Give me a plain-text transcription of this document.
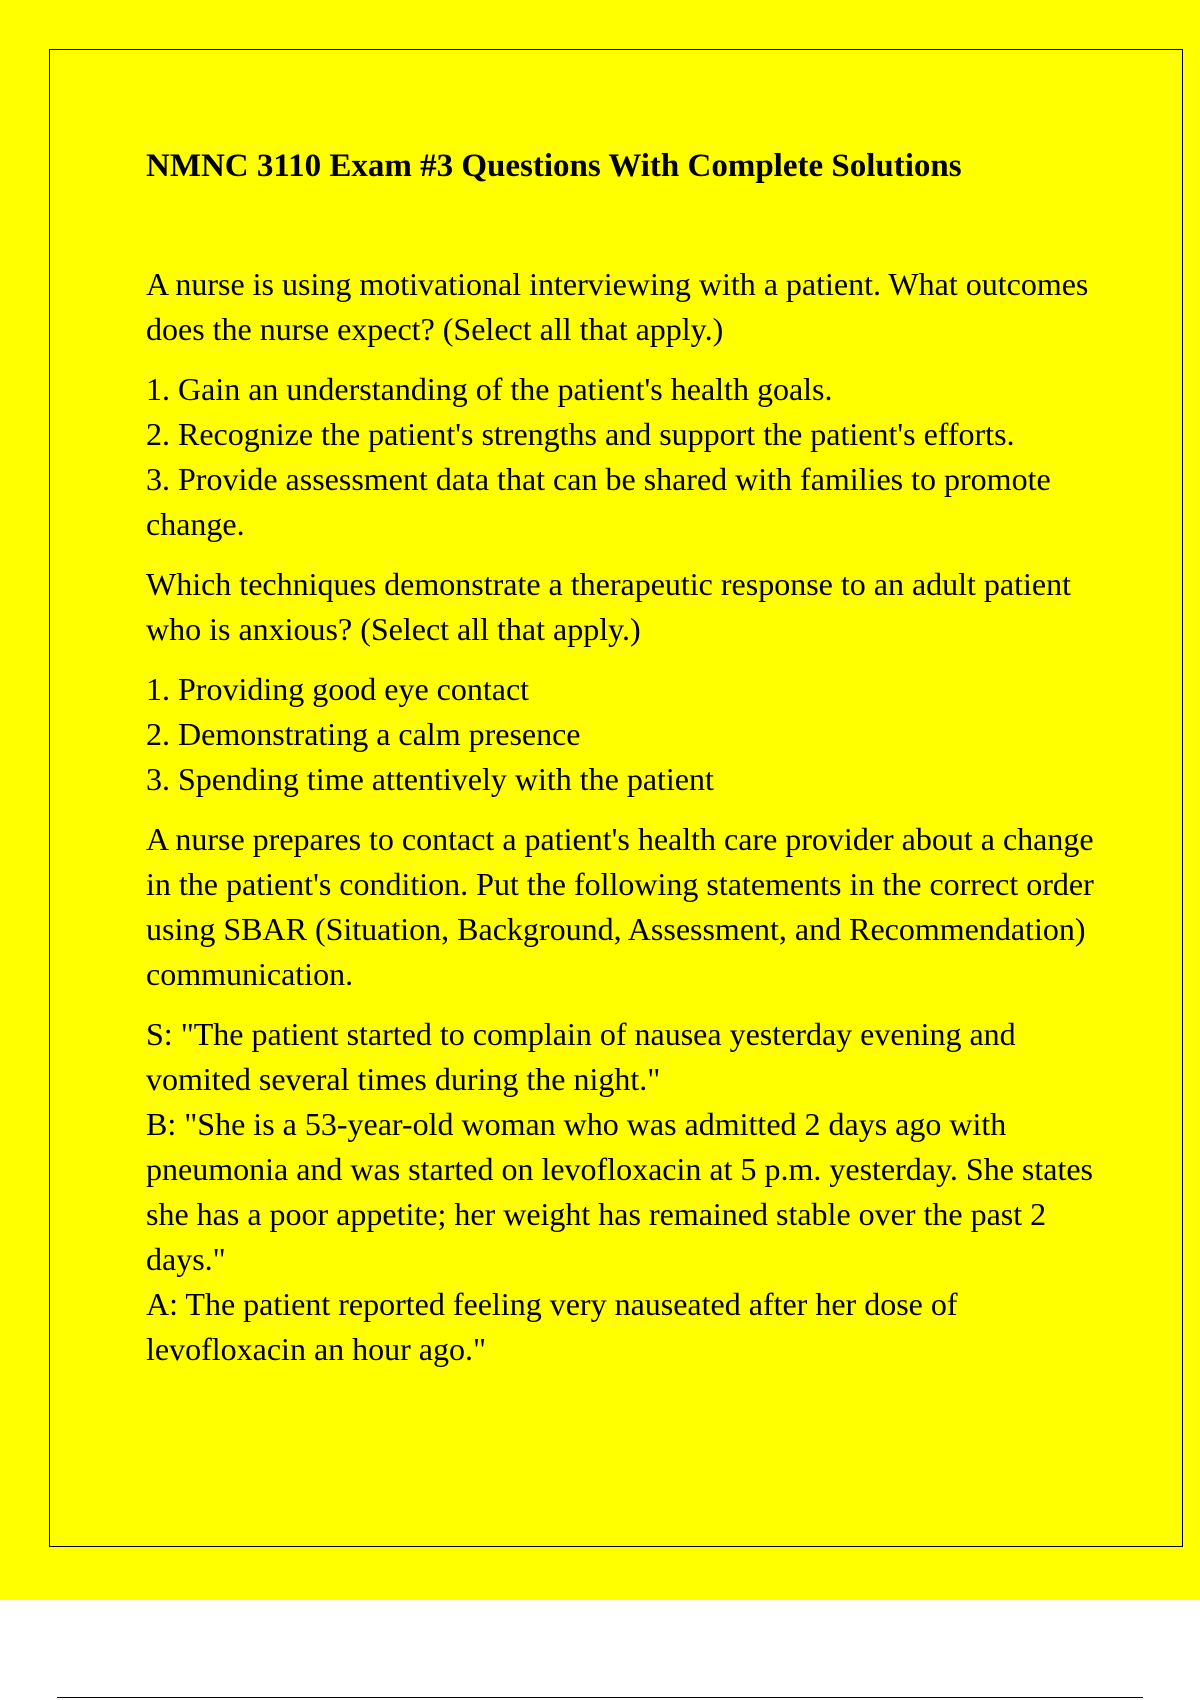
NMNC 3110 Exam #3 Questions With Complete Solutions
A nurse is using motivational interviewing with a patient. What outcomes does the nurse expect? (Select all that apply.)
1. Gain an understanding of the patient's health goals.
2. Recognize the patient's strengths and support the patient's efforts.
3. Provide assessment data that can be shared with families to promote change.
Which techniques demonstrate a therapeutic response to an adult patient who is anxious? (Select all that apply.)
1. Providing good eye contact
2. Demonstrating a calm presence
3. Spending time attentively with the patient
A nurse prepares to contact a patient's health care provider about a change in the patient's condition. Put the following statements in the correct order using SBAR (Situation, Background, Assessment, and Recommendation) communication.
S: "The patient started to complain of nausea yesterday evening and vomited several times during the night."
B: "She is a 53-year-old woman who was admitted 2 days ago with pneumonia and was started on levofloxacin at 5 p.m. yesterday. She states she has a poor appetite; her weight has remained stable over the past 2 days."
A: The patient reported feeling very nauseated after her dose of levofloxacin an hour ago."
